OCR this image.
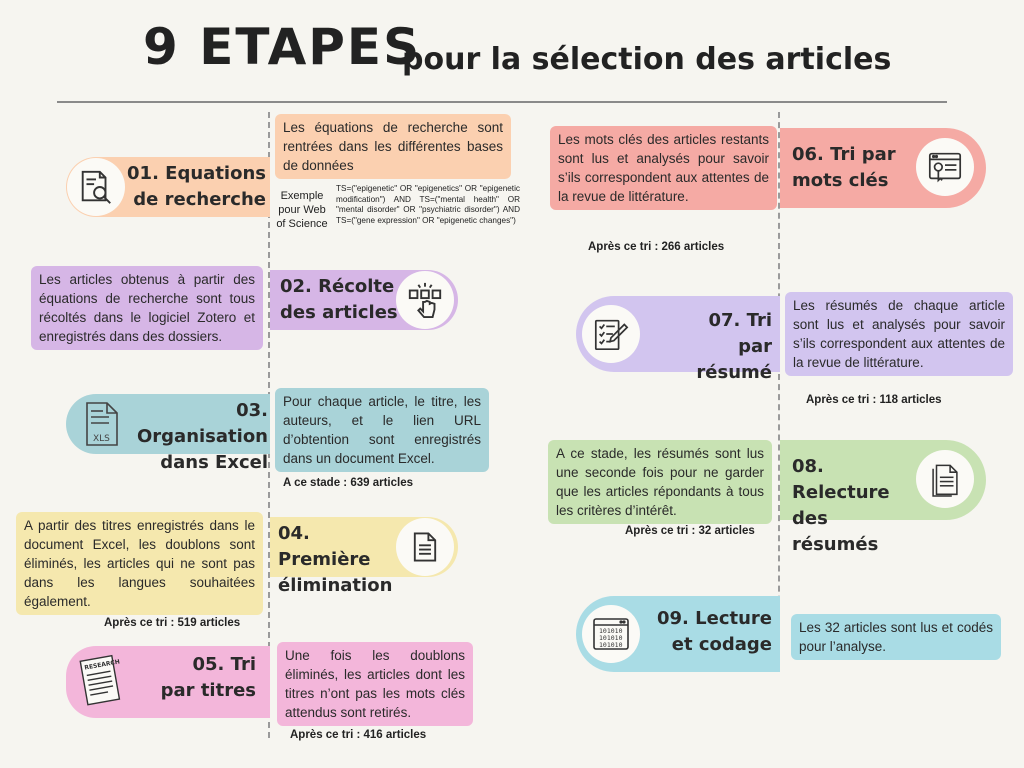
9 ETAPES
pour la sélection des articles
01. Equations de recherche
Les équations de recherche sont rentrées dans les différentes bases de données
Exemple pour Web of Science
TS=("epigenetic" OR "epigenetics" OR "epigenetic modification") AND TS=("mental health" OR "mental disorder" OR "psychiatric disorder") AND TS=("gene expression" OR "epigenetic changes")
Les articles obtenus à partir des équations de recherche sont tous récoltés dans le logiciel Zotero et enregistrés dans des dossiers.
02. Récolte des articles
XLS
03. Organisation dans Excel
Pour chaque article, le titre, les auteurs, et le lien URL d’obtention sont enregistrés dans un document Excel.
A ce stade : 639 articles
A partir des titres enregistrés dans le document Excel, les doublons sont éliminés, les articles qui ne sont pas dans les langues souhaitées également.
04. Première élimination
Après ce tri : 519 articles
RESEARCH	05. Tri par titres
Une fois les doublons éliminés, les articles dont les titres n’ont pas les mots clés attendus sont retirés.
Après ce tri : 416 articles
Les mots clés des articles restants sont lus et analysés pour savoir s’ils correspondent aux attentes de la revue de littérature.
Après ce tri : 266 articles
06. Tri par mots clés
07. Tri par résumé
Les résumés de chaque article sont lus et analysés pour savoir s’ils correspondent aux attentes de la revue de littérature.
Après ce tri : 118 articles
A ce stade, les résumés sont lus une seconde fois pour ne garder que les articles répondants à tous les critères d’intérêt.
Après ce tri : 32 articles
08. Relecture des résumés
101010
101010
101010
09. Lecture et codage
Les 32 articles sont lus et codés pour l’analyse.
